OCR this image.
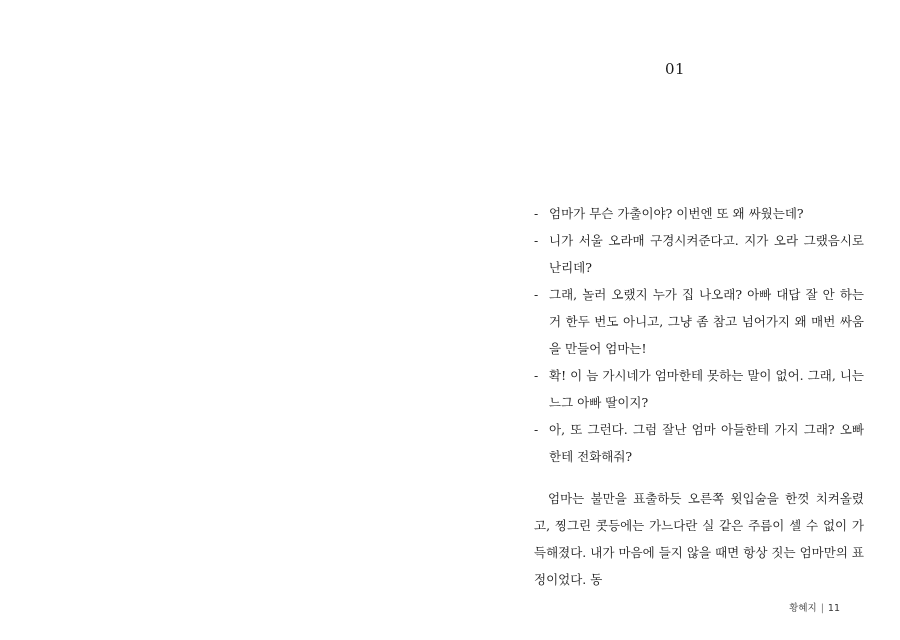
01
- 엄마가 무슨 가출이야? 이번엔 또 왜 싸웠는데?
- 니가 서울 오라매 구경시켜준다고. 지가 오라 그랬음시로 난리데?
- 그래, 놀러 오랬지 누가 집 나오래? 아빠 대답 잘 안 하는 거 한두 번도 아니고, 그냥 좀 참고 넘어가지 왜 매번 싸움을 만들어 엄마는!
- 확! 이 늠 가시네가 엄마한테 못하는 말이 없어. 그래, 니는 느그 아빠 딸이지?
- 아, 또 그런다. 그럼 잘난 엄마 아들한테 가지 그래? 오빠한테 전화해줘?

엄마는 불만을 표출하듯 오른쪽 윗입술을 한껏 치켜올렸고, 찡그린 콧등에는 가느다란 실 같은 주름이 셀 수 없이 가득해졌다. 내가 마음에 들지 않을 때면 항상 짓는 엄마만의 표정이었다. 동

황혜지 | 11
